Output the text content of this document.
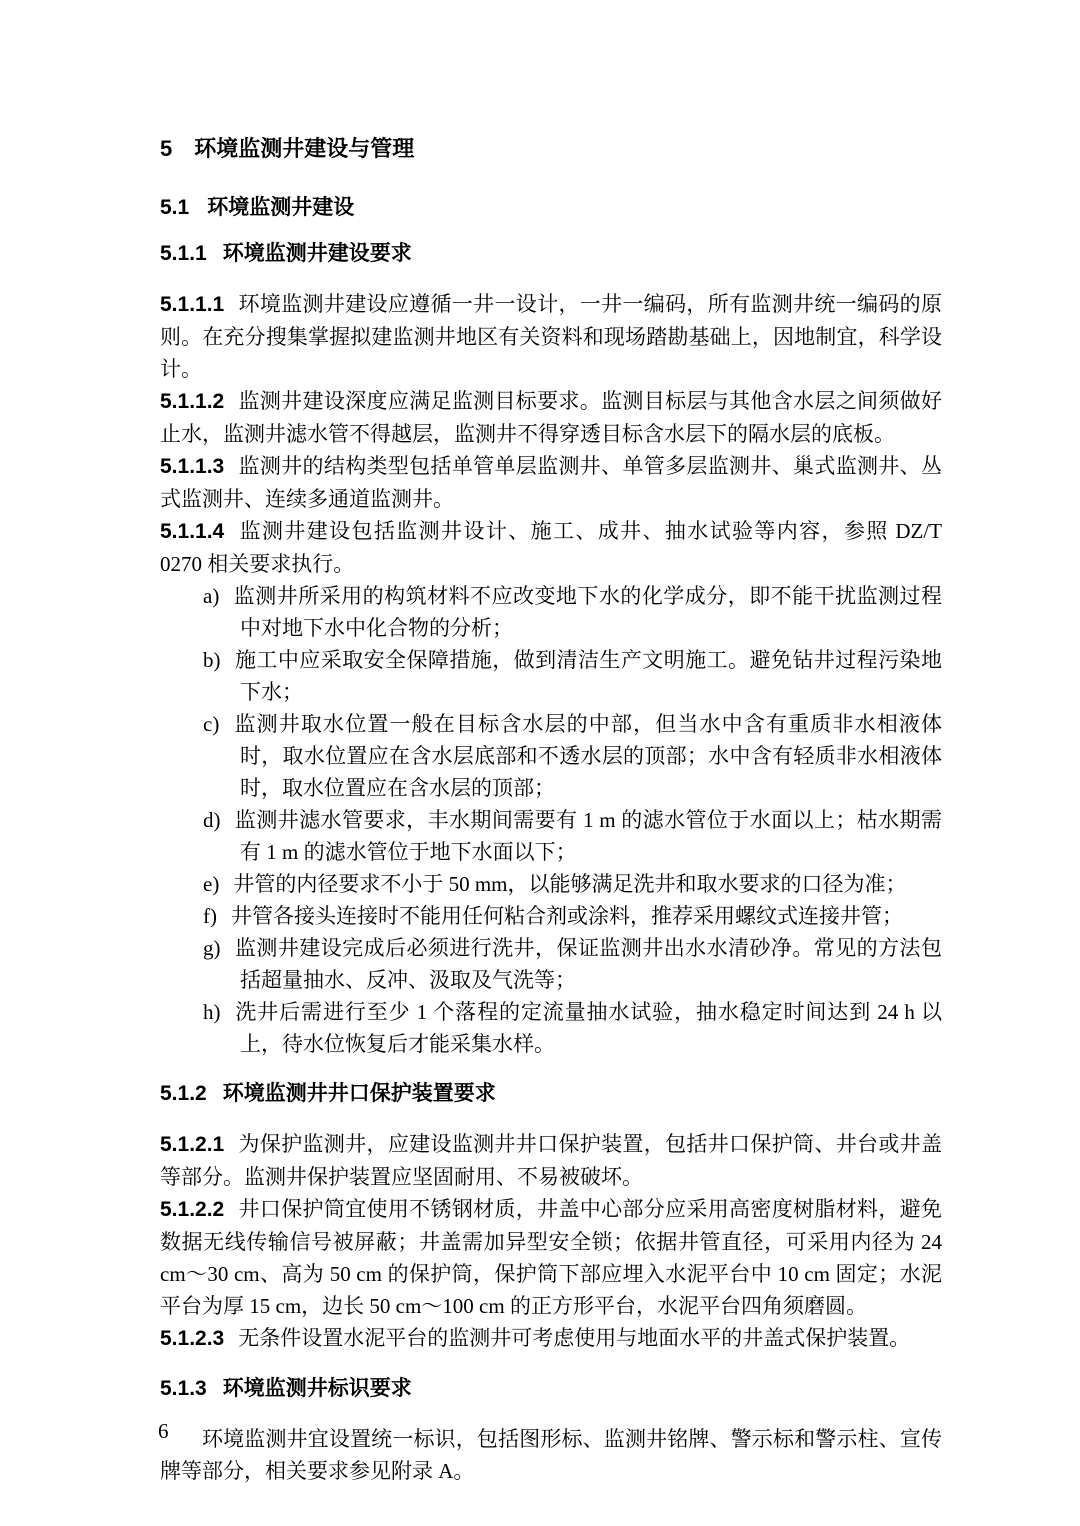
5 环境监测井建设与管理
5.1 环境监测井建设
5.1.1 环境监测井建设要求
5.1.1.1 环境监测井建设应遵循一井一设计，一井一编码，所有监测井统一编码的原则。在充分搜集掌握拟建监测井地区有关资料和现场踏勘基础上，因地制宜，科学设计。
5.1.1.2 监测井建设深度应满足监测目标要求。监测目标层与其他含水层之间须做好止水，监测井滤水管不得越层，监测井不得穿透目标含水层下的隔水层的底板。
5.1.1.3 监测井的结构类型包括单管单层监测井、单管多层监测井、巢式监测井、丛式监测井、连续多通道监测井。
5.1.1.4 监测井建设包括监测井设计、施工、成井、抽水试验等内容，参照 DZ/T 0270 相关要求执行。
a) 监测井所采用的构筑材料不应改变地下水的化学成分，即不能干扰监测过程中对地下水中化合物的分析；
b) 施工中应采取安全保障措施，做到清洁生产文明施工。避免钻井过程污染地下水；
c) 监测井取水位置一般在目标含水层的中部，但当水中含有重质非水相液体时，取水位置应在含水层底部和不透水层的顶部；水中含有轻质非水相液体时，取水位置应在含水层的顶部；
d) 监测井滤水管要求，丰水期间需要有 1 m 的滤水管位于水面以上；枯水期需有 1 m 的滤水管位于地下水面以下；
e) 井管的内径要求不小于 50 mm，以能够满足洗井和取水要求的口径为准；
f) 井管各接头连接时不能用任何粘合剂或涂料，推荐采用螺纹式连接井管；
g) 监测井建设完成后必须进行洗井，保证监测井出水水清砂净。常见的方法包括超量抽水、反冲、汲取及气洗等；
h) 洗井后需进行至少 1 个落程的定流量抽水试验，抽水稳定时间达到 24 h 以上，待水位恢复后才能采集水样。
5.1.2 环境监测井井口保护装置要求
5.1.2.1 为保护监测井，应建设监测井井口保护装置，包括井口保护筒、井台或井盖等部分。监测井保护装置应坚固耐用、不易被破坏。
5.1.2.2 井口保护筒宜使用不锈钢材质，井盖中心部分应采用高密度树脂材料，避免数据无线传输信号被屏蔽；井盖需加异型安全锁；依据井管直径，可采用内径为 24 cm～30 cm、高为 50 cm 的保护筒，保护筒下部应埋入水泥平台中 10 cm 固定；水泥平台为厚 15 cm，边长 50 cm～100 cm 的正方形平台，水泥平台四角须磨圆。
5.1.2.3 无条件设置水泥平台的监测井可考虑使用与地面水平的井盖式保护装置。
5.1.3 环境监测井标识要求
环境监测井宜设置统一标识，包括图形标、监测井铭牌、警示标和警示柱、宣传牌等部分，相关要求参见附录 A。
6
